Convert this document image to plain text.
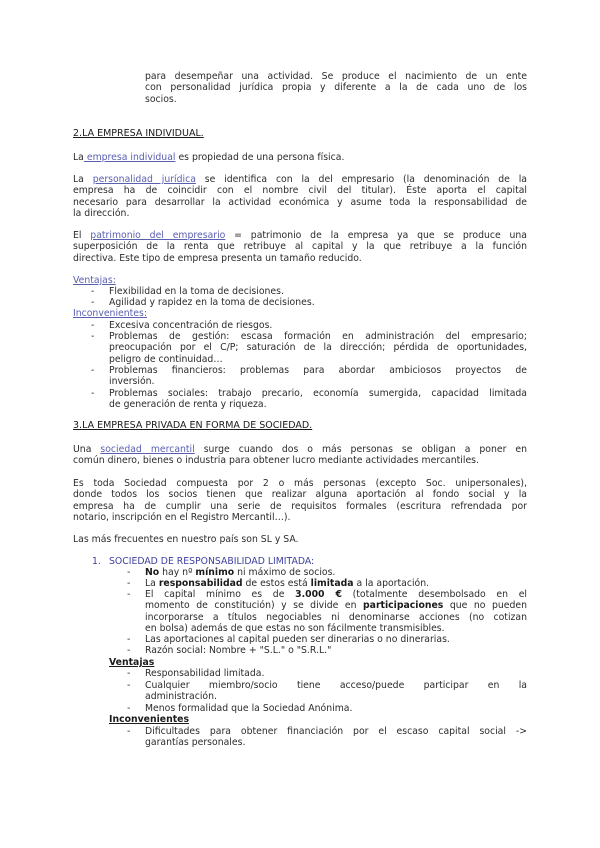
para desempeñar una actividad. Se produce el nacimiento de un ente
con personalidad jurídica propia y diferente a la de cada uno de los
socios.
2.LA EMPRESA INDIVIDUAL.
La empresa individual es propiedad de una persona física.
La personalidad jurídica se identifica con la del empresario (la denominación de la
empresa ha de coincidir con el nombre civil del titular). Éste aporta el capital
necesario para desarrollar la actividad económica y asume toda la responsabilidad de
la dirección.
El patrimonio del empresario = patrimonio de la empresa ya que se produce una
superposición de la renta que retribuye al capital y la que retribuye a la función
directiva. Este tipo de empresa presenta un tamaño reducido.
Ventajas:
- Flexibilidad en la toma de decisiones.
- Agilidad y rapidez en la toma de decisiones.
Inconvenientes:
- Excesiva concentración de riesgos.
- Problemas de gestión: escasa formación en administración del empresario;
preocupación por el C/P; saturación de la dirección; pérdida de oportunidades,
peligro de continuidad…
- Problemas financieros: problemas para abordar ambiciosos proyectos de
inversión.
- Problemas sociales: trabajo precario, economía sumergida, capacidad limitada
de generación de renta y riqueza.
3.LA EMPRESA PRIVADA EN FORMA DE SOCIEDAD.
Una sociedad mercantil surge cuando dos o más personas se obligan a poner en
común dinero, bienes o industria para obtener lucro mediante actividades mercantiles.
Es toda Sociedad compuesta por 2 o más personas (excepto Soc. unipersonales),
donde todos los socios tienen que realizar alguna aportación al fondo social y la
empresa ha de cumplir una serie de requisitos formales (escritura refrendada por
notario, inscripción en el Registro Mercantil…).
Las más frecuentes en nuestro país son SL y SA.
1. SOCIEDAD DE RESPONSABILIDAD LIMITADA:
- No hay nº mínimo ni máximo de socios.
- La responsabilidad de estos está limitada a la aportación.
- El capital mínimo es de 3.000 € (totalmente desembolsado en el
momento de constitución) y se divide en participaciones que no pueden
incorporarse a títulos negociables ni denominarse acciones (no cotizan
en bolsa) además de que estas no son fácilmente transmisibles.
- Las aportaciones al capital pueden ser dinerarias o no dinerarias.
- Razón social: Nombre + "S.L." o "S.R.L."
Ventajas
- Responsabilidad limitada.
- Cualquier miembro/socio tiene acceso/puede participar en la
administración.
- Menos formalidad que la Sociedad Anónima.
Inconvenientes
- Dificultades para obtener financiación por el escaso capital social ->
garantías personales.
